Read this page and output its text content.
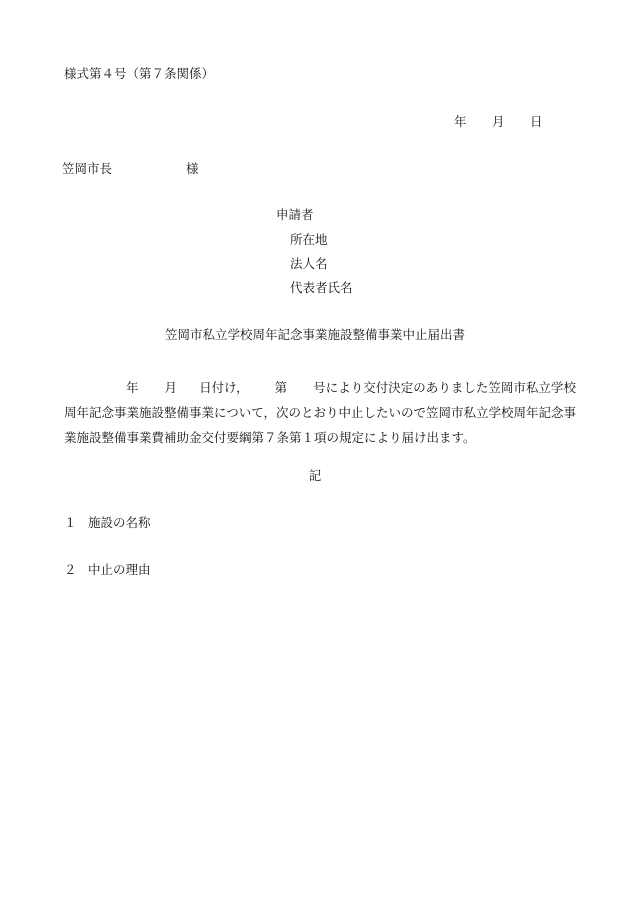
様式第４号（第７条関係）
年 月 日
笠岡市長	様
申請者
所在地
法人名
代表者氏名
笠岡市私立学校周年記念事業施設整備事業中止届出書
年 月 日付け， 第 号により交付決定のありました笠岡市私立学校周年記念事業施設整備事業について，次のとおり中止したいので笠岡市私立学校周年記念事業施設整備事業費補助金交付要綱第７条第１項の規定により届け出ます。
記
１ 施設の名称
２ 中止の理由
